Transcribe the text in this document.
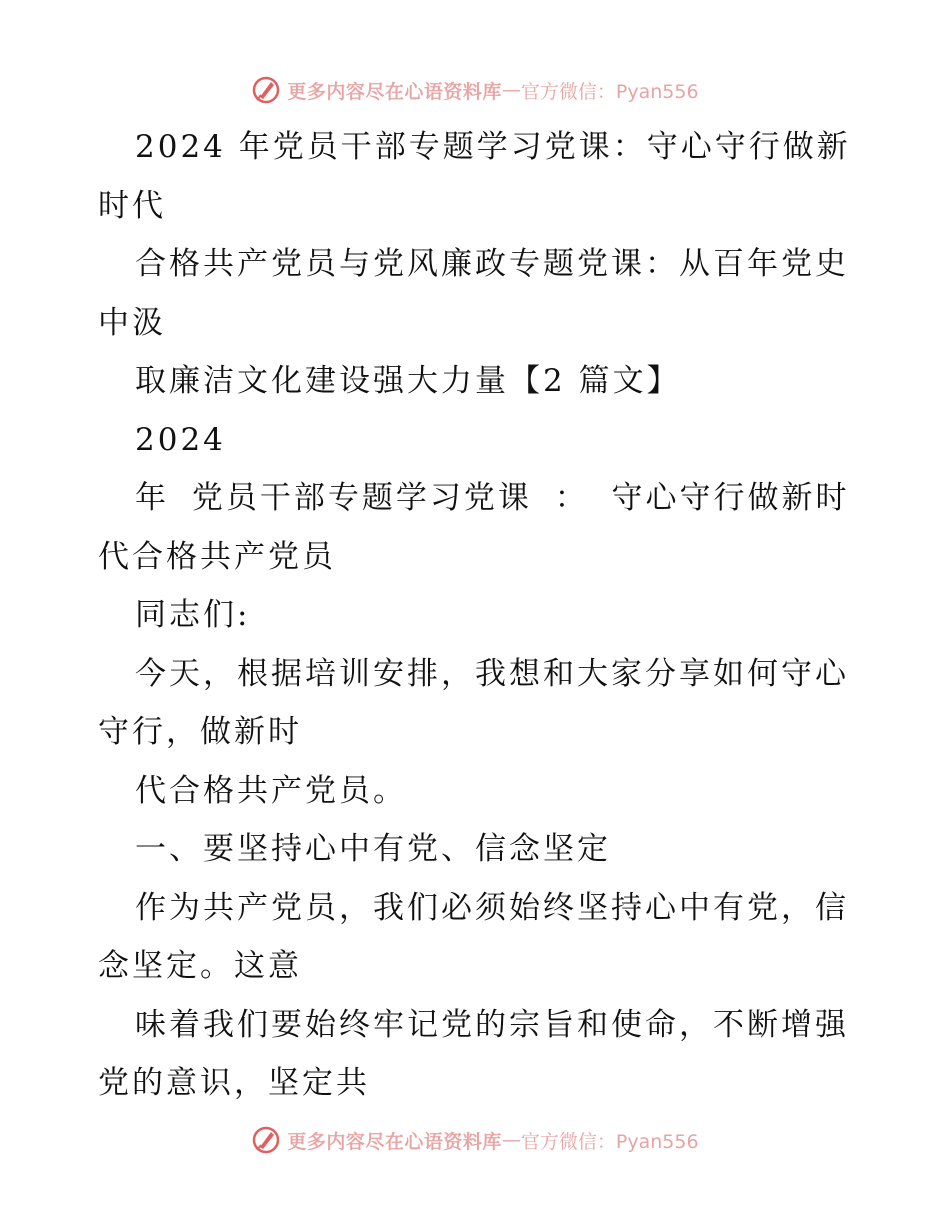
更多内容尽在心语资料库 — 官方微信：Pyan556
2024 年党员干部专题学习党课：守心守行做新
时代
合格共产党员与党风廉政专题党课：从百年党史
中汲
取廉洁文化建设强大力量【2 篇文】
2024
年 党员干部专题学习党课 ： 守心守行做新时
代合格共产党员
同志们:
今天，根据培训安排，我想和大家分享如何守心
守行，做新时
代合格共产党员。
一、要坚持心中有党、信念坚定
作为共产党员，我们必须始终坚持心中有党，信
念坚定。这意
味着我们要始终牢记党的宗旨和使命，不断增强
党的意识，坚定共
更多内容尽在心语资料库 — 官方微信：Pyan556
